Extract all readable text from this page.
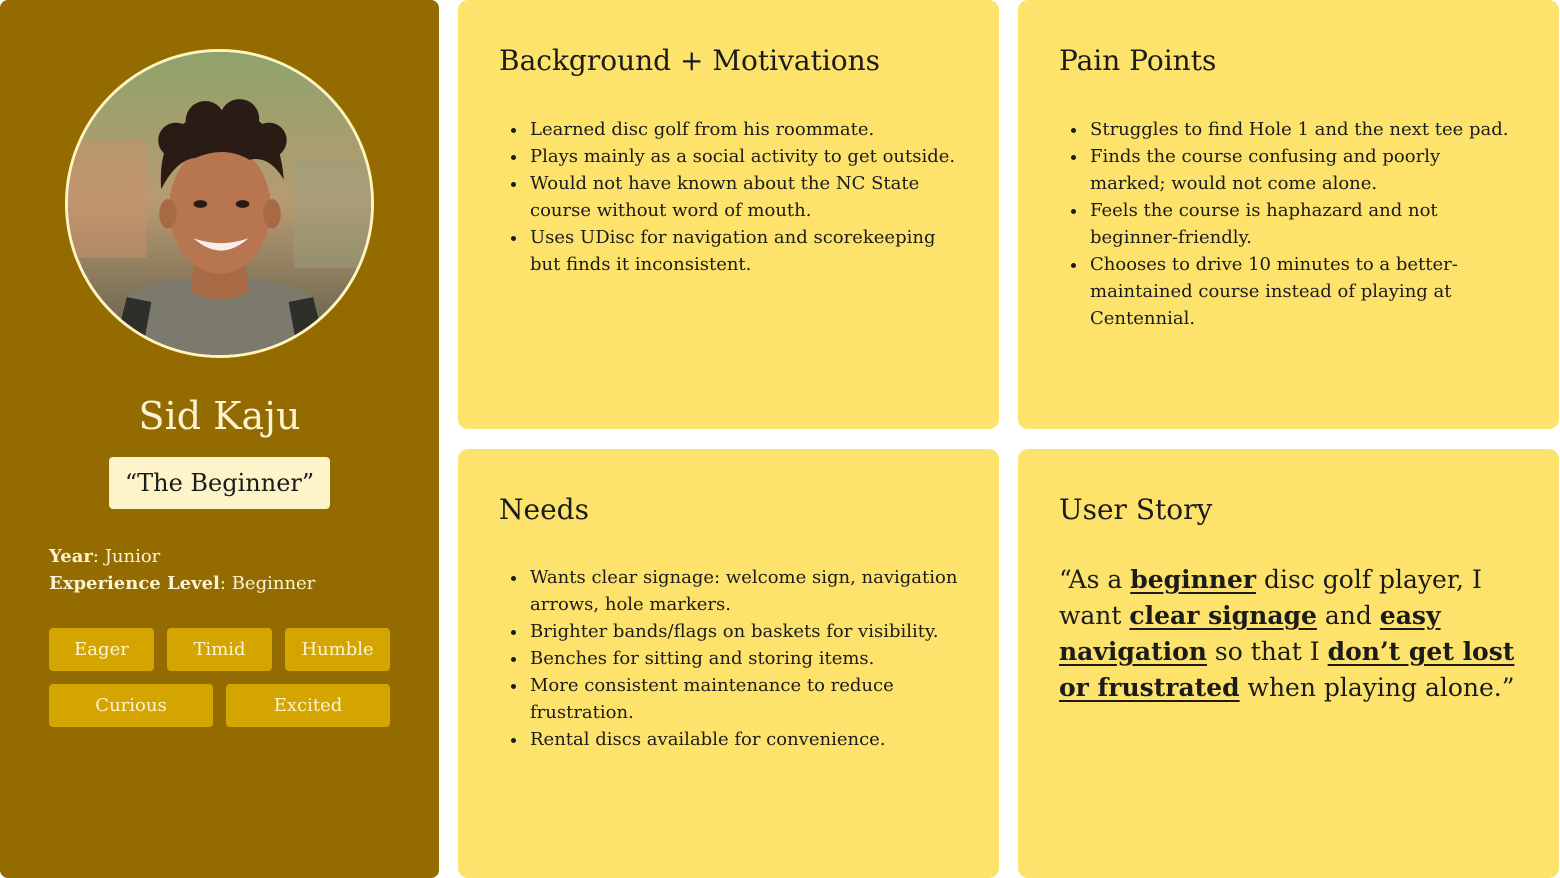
Sid Kaju
“The Beginner”
Year: Junior
Experience Level: Beginner
Eager	Timid	Humble
Curious	Excited
Background + Motivations
• Learned disc golf from his roommate.
• Plays mainly as a social activity to get outside.
• Would not have known about the NC State course without word of mouth.
• Uses UDisc for navigation and scorekeeping but finds it inconsistent.
Pain Points
• Struggles to find Hole 1 and the next tee pad.
• Finds the course confusing and poorly marked; would not come alone.
• Feels the course is haphazard and not beginner-friendly.
• Chooses to drive 10 minutes to a better-maintained course instead of playing at Centennial.
Needs
• Wants clear signage: welcome sign, navigation arrows, hole markers.
• Brighter bands/flags on baskets for visibility.
• Benches for sitting and storing items.
• More consistent maintenance to reduce frustration.
• Rental discs available for convenience.
User Story

“As a beginner disc golf player, I want clear signage and easy navigation so that I don’t get lost or frustrated when playing alone.”
